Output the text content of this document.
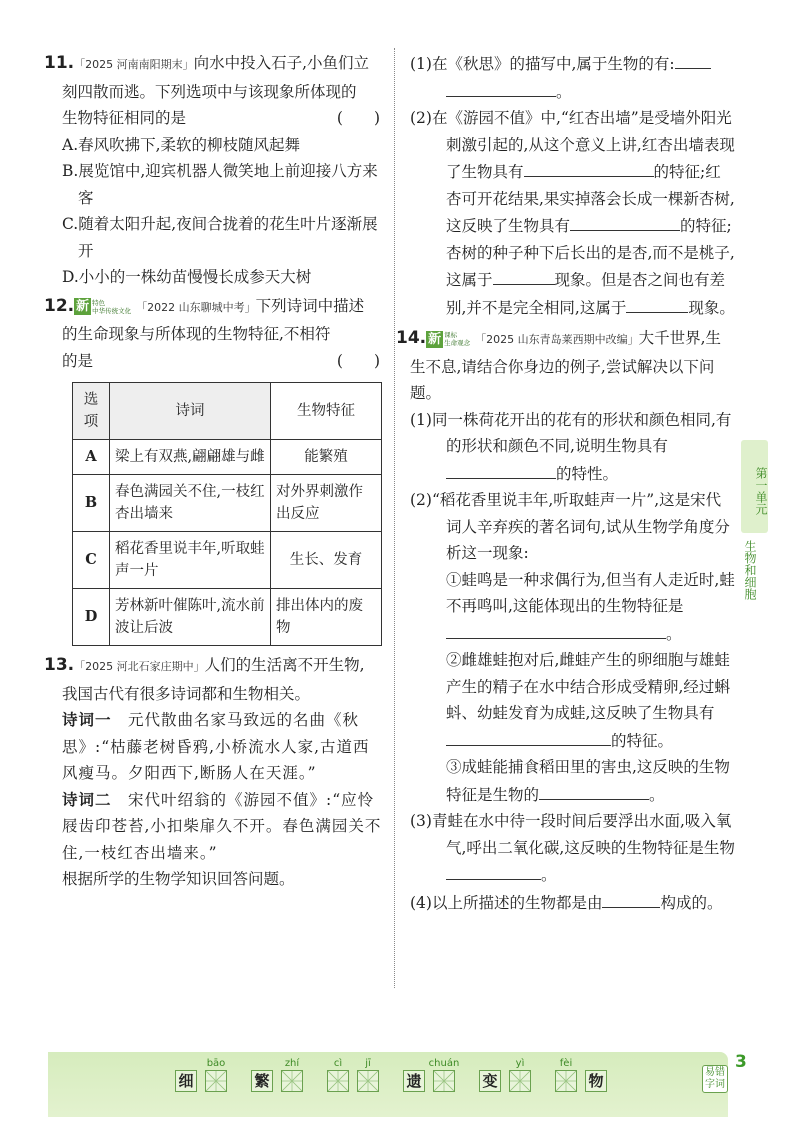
11.「2025 河南南阳期末」向水中投入石子,小鱼们立
刻四散而逃。下列选项中与该现象所体现的
生物特征相同的是	(　　)
A.春风吹拂下,柔软的柳枝随风起舞
B.展览馆中,迎宾机器人微笑地上前迎接八方来客
C.随着太阳升起,夜间合拢着的花生叶片逐渐展开
D.小小的一株幼苗慢慢长成参天大树
12. 新 特色
中华传统文化 「2022 山东聊城中考」下列诗词中描述
的生命现象与所体现的生物特征,不相符
的是	(　　)
选项	诗词	生物特征
A	梁上有双燕,翩翩雄与雌	能繁殖
B	春色满园关不住,一枝红杏出墙来	对外界刺激作出反应
C	稻花香里说丰年,听取蛙声一片	生长、发育
D	芳林新叶催陈叶,流水前波让后波	排出体内的废物
13.「2025 河北石家庄期中」人们的生活离不开生物,
我国古代有很多诗词都和生物相关。
诗词一　 元代散曲名家马致远的名曲《秋思》:“枯藤老树昏鸦,小桥流水人家,古道西风瘦马。夕阳西下,断肠人在天涯。”
诗词二　 宋代叶绍翁的《游园不值》:“应怜屐齿印苍苔,小扣柴扉久不开。春色满园关不住,一枝红杏出墙来。”
根据所学的生物学知识回答问题。
(1)在《秋思》的描写中,属于生物的有:
。
(2)在《游园不值》中,“红杏出墙”是受墙外阳光刺激引起的,从这个意义上讲,红杏出墙表现了生物具有	的特征;红杏可开花结果,果实掉落会长成一棵新杏树,这反映了生物具有	的特征;杏树的种子种下后长出的是杏,而不是桃子,这属于	现象。但是杏之间也有差别,并不是完全相同,这属于	现象。
14. 新 课标
生命观念 「2025 山东青岛莱西期中改编」大千世界,生
生不息,请结合你身边的例子,尝试解决以下问题。
(1)同一株荷花开出的花有的形状和颜色相同,有的形状和颜色不同,说明生物具有的特性。
(2)“稻花香里说丰年,听取蛙声一片”,这是宋代词人辛弃疾的著名词句,试从生物学角度分析这一现象:
①蛙鸣是一种求偶行为,但当有人走近时,蛙不再鸣叫,这能体现出的生物特征是。
②雌雄蛙抱对后,雌蛙产生的卵细胞与雄蛙产生的精子在水中结合形成受精卵,经过蝌蚪、幼蛙发育为成蛙,这反映了生物具有的特征。
③成蛙能捕食稻田里的害虫,这反映的生物特征是生物的	。
(3)青蛙在水中待一段时间后要浮出水面,吸入氧气,呼出二氧化碳,这反映的生物特征是生物。
(4)以上所描述的生物都是由	构成的。
第一单元
生物和细胞
细
bāo
繁
zhí	cì jī
遗
chuán
变
yì	fèi
物	易错字词
3
